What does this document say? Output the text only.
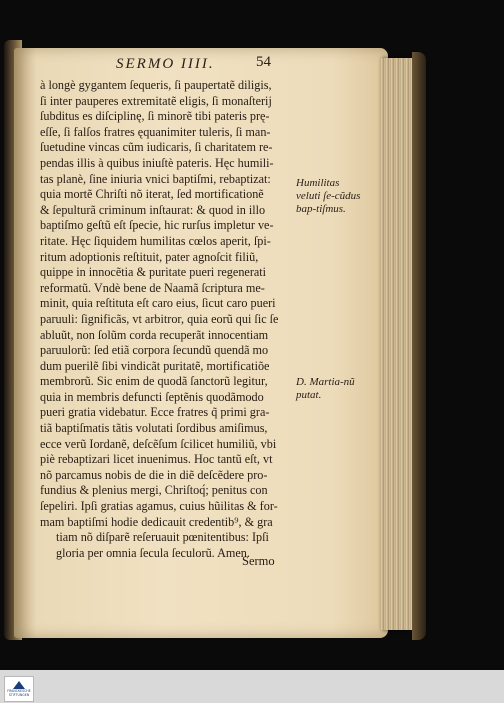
SERMO IIII.	54
à longè gygantem ſequeris, ſi paupertatẽ diligis,
ſi inter pauperes extremitatẽ eligis, ſi monaſterij
ſubditus es diſciplinę, ſi minorẽ tibi pateris prę-
eſſe, ſi falſos fratres ęquanimiter tuleris, ſi man-
ſuetudine vincas cũm iudicaris, ſi charitatem re-
pendas illis à quibus iniuſtè pateris. Hęc humili-
tas planè, ſine iniuria vnici baptiſmi, rebaptizat:
quia mortẽ Chriſti nõ iterat, ſed mortificationẽ
& ſepulturã criminum inſtaurat: & quod in illo
baptiſmo geſtũ eſt ſpecie, hic rurſus impletur ve-
ritate. Hęc ſiquidem humilitas cœlos aperit, ſpi-
ritum adoptionis reſtituit, pater agnoſcit filiũ,
quippe in innocẽtia & puritate pueri regenerati
reformatũ. Vndè bene de Naamã ſcriptura me-
minit, quia reſtituta eſt caro eius, ſicut caro pueri
paruuli: ſignificãs, vt arbitror, quia eorũ qui ſic ſe
abluũt, non ſolũm corda recuperãt innocentiam
paruulorũ: ſed etiã corpora ſecundũ quendã mo
dum puerilẽ ſibi vindicãt puritatẽ, mortificatiõe
membrorũ. Sic enim de quodã ſanctorũ legitur,
quia in membris defuncti ſeptẽnis quodãmodo
pueri gratia videbatur. Ecce fratres q̃ primi gra-
tiã baptiſmatis tãtis volutati ſordibus amiſimus,
ecce verũ Iordanẽ, deſcẽſum ſcilicet humiliũ, vbi
piè rebaptizari licet inuenimus. Hoc tantũ eſt, vt
nõ parcamus nobis de die in diẽ deſcẽdere pro-
fundius & plenius mergi, Chriſtoq́; penitus con
ſepeliri. Ipſi gratias agamus, cuius hũilitas & for-
mam baptiſmi hodie dedicauit credentib⁹, & gra
tiam nõ diſparẽ reſeruauit pœnitentibus: Ipſi
gloria per omnia ſecula ſeculorũ. Amen.
Sermo
Humilitas veluti ſe-cũdus bap-tiſmus.
D. Martia-nũ putat.
FRANCKESCHE
STIFTUNGEN
